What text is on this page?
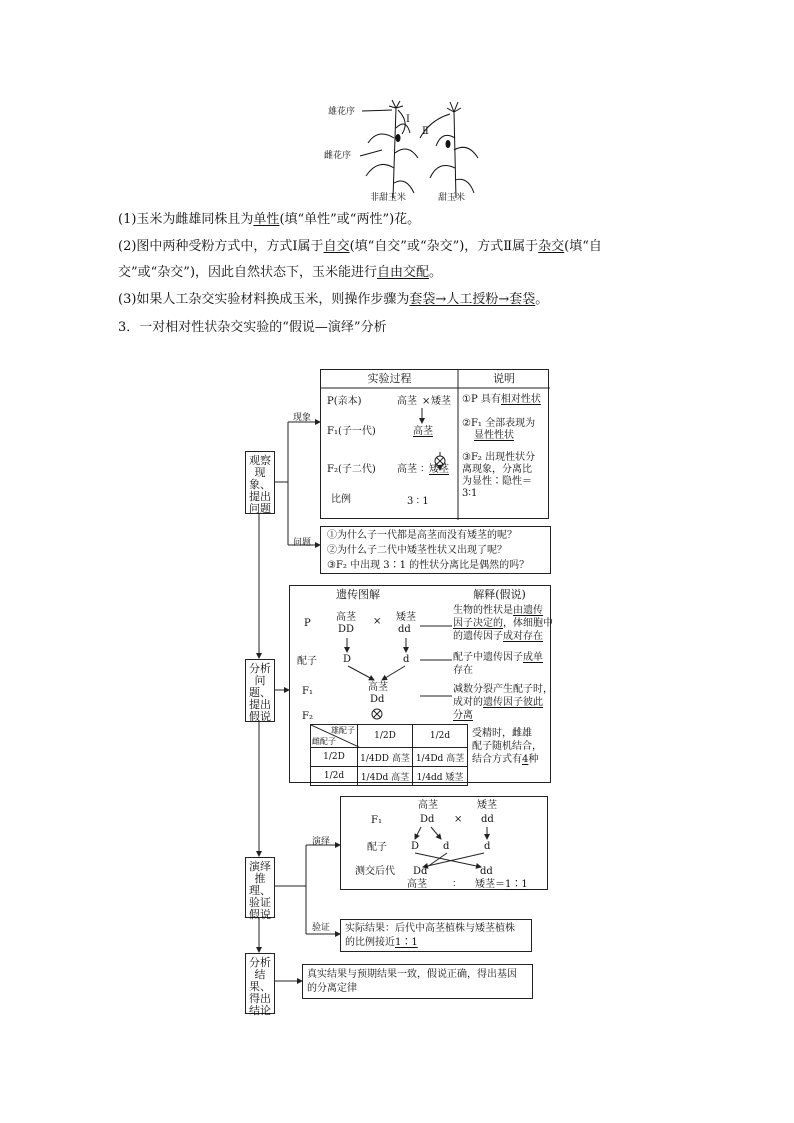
雄花序
雌花序
I
Ⅱ
非甜玉米	甜玉米
(1)玉米为雌雄同株且为单性(填“单性”或“两性”)花。
(2)图中两种受粉方式中，方式Ⅰ属于自交(填“自交”或“杂交”)，方式Ⅱ属于杂交(填“自
交”或“杂交”)，因此自然状态下，玉米能进行自由交配。
(3)如果人工杂交实验材料换成玉米，则操作步骤为套袋→人工授粉→套袋。
3．一对相对性状杂交实验的“假说—演绎”分析
观察现象、提出问题
分析问题、提出假说
演绎推理、验证假说
分析结果、得出结论
现象
问题
演绎
验证
实验过程	说明
P(亲本)	高茎 × 矮茎
F₁(子一代)	高茎
F₂(子二代) 高茎 ∶ 矮茎
比例	3 ∶ 1
①P 具有相对性状
②F₁ 全部表现为
显性性状
③F₂ 出现性状分
离现象，分离比
为显性∶隐性＝
3∶1
①为什么子一代都是高茎而没有矮茎的呢？
②为什么子二代中矮茎性状又出现了呢？
③F₂ 中出现 3∶1 的性状分离比是偶然的吗？
遗传图解	解释(假说)
P
高茎
DD
× 矮茎
dd
配子	D	d
F₁	高茎
Dd
F₂
生物的性状是由遗传
因子决定的，体细胞中
的遗传因子成对存在
配子中遗传因子成单
存在
减数分裂产生配子时，
成对的遗传因子彼此
分离
受精时，雌雄
配子随机结合，
结合方式有4种
雄配子
雌配子	1/2D	1/2d
1/2D	1/4DD 高茎	1/4Dd 高茎
1/2d	1/4Dd 高茎	1/4dd 矮茎
高茎	矮茎
F₁	Dd × dd
配子 D d	d
测交后代 Dd	dd
高茎	∶ 矮茎＝1∶1
实际结果：后代中高茎植株与矮茎植株
的比例接近1∶1
真实结果与预期结果一致，假说正确，得出基因
的分离定律
